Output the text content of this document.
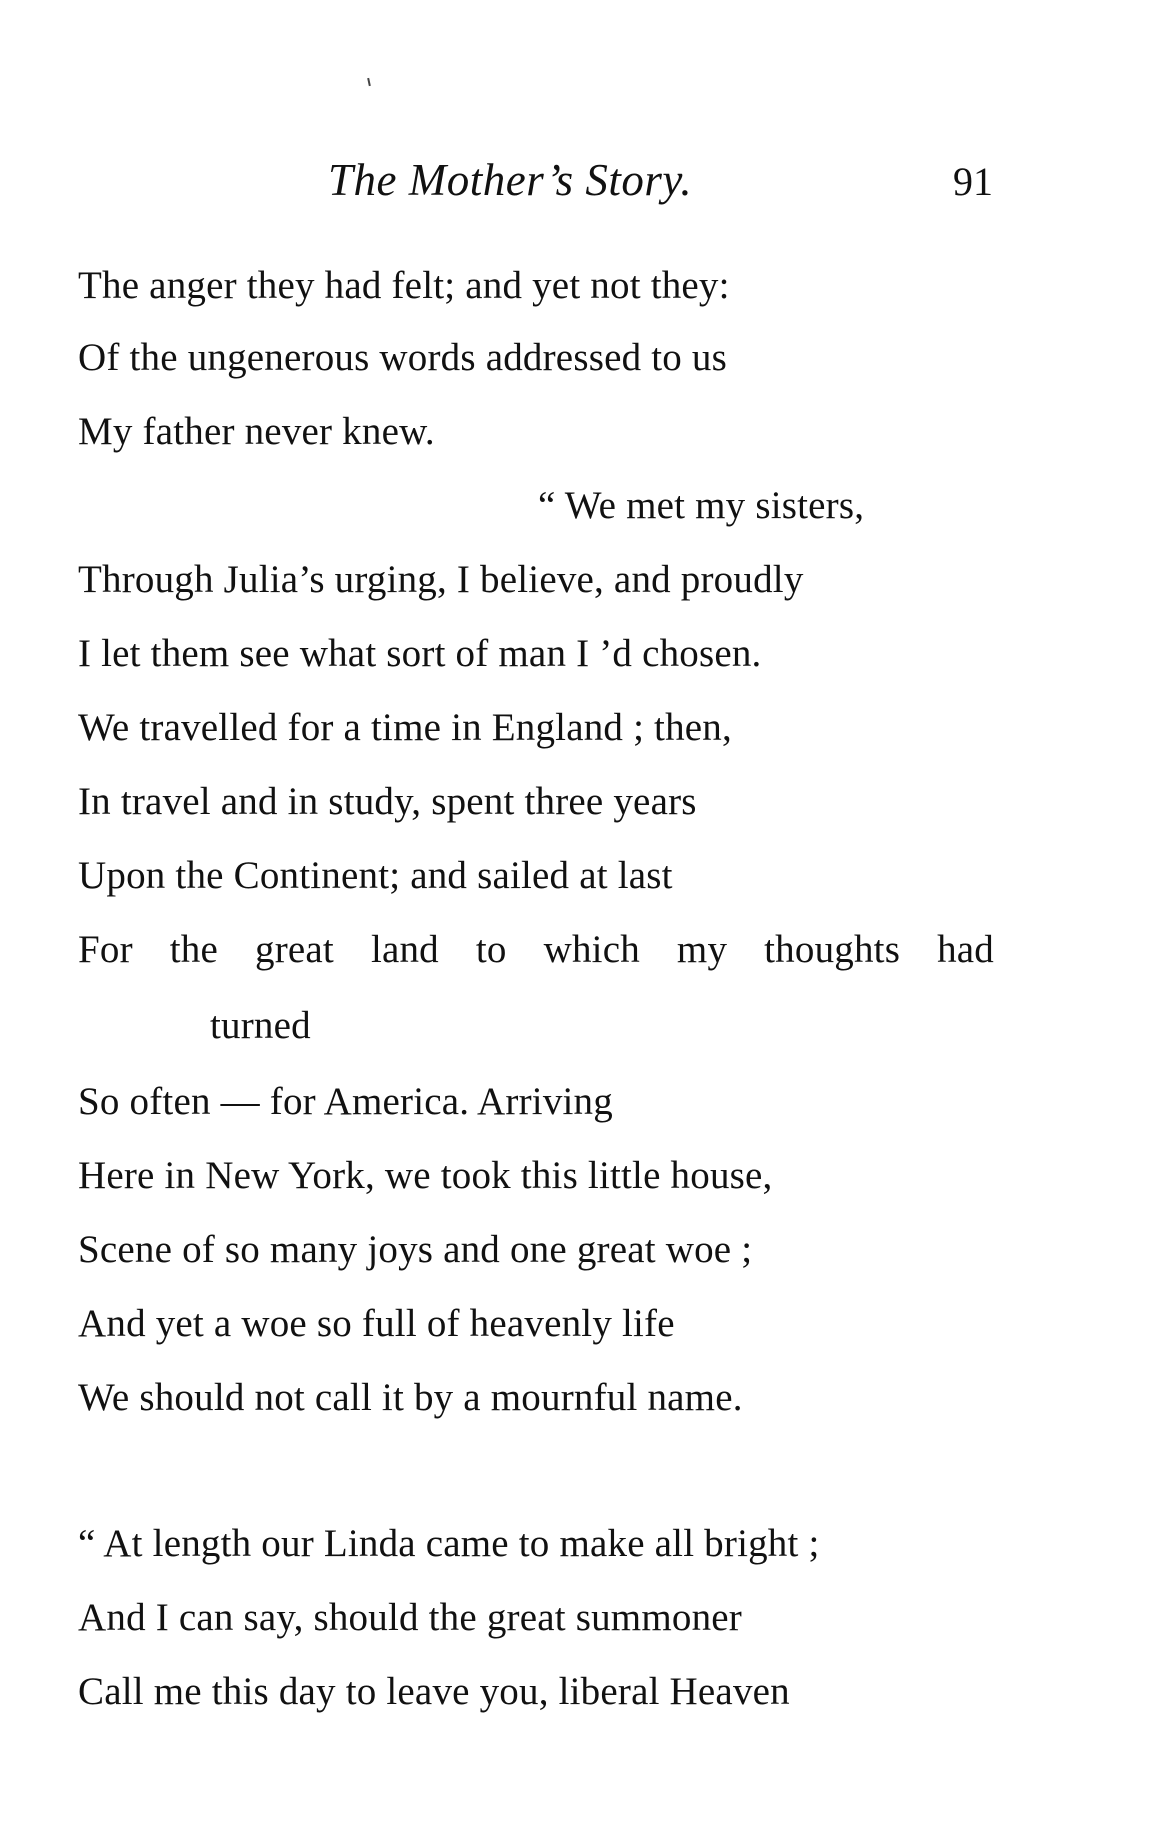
The Mother’s Story.	91
The anger they had felt; and yet not they:
Of the ungenerous words addressed to us
My father never knew.
“ We met my sisters,
Through Julia’s urging, I believe, and proudly
I let them see what sort of man I ’d chosen.
We travelled for a time in England ; then,
In travel and in study, spent three years
Upon the Continent; and sailed at last
For the great land to which my thoughts had
turned
So often — for America. Arriving
Here in New York, we took this little house,
Scene of so many joys and one great woe ;
And yet a woe so full of heavenly life
We should not call it by a mournful name.
“ At length our Linda came to make all bright ;
And I can say, should the great summoner
Call me this day to leave you, liberal Heaven
